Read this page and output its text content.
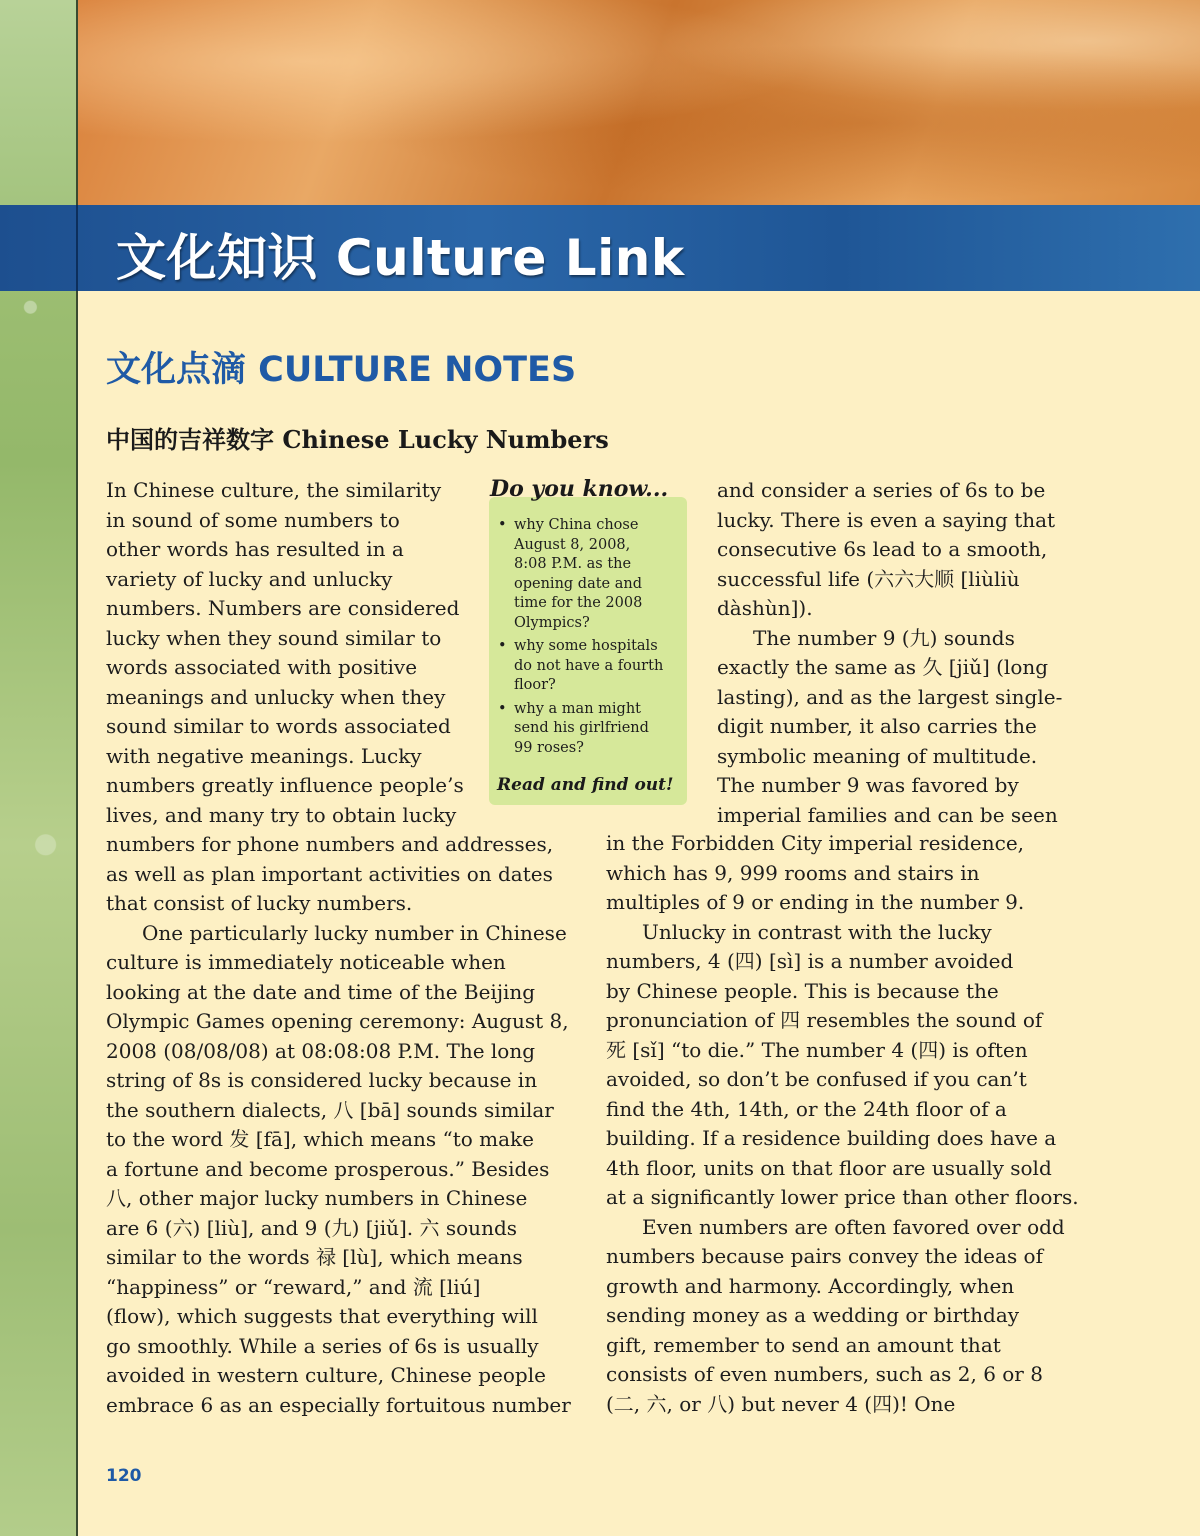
文化知识 Culture Link
文化点滴 CULTURE NOTES
中国的吉祥数字 Chinese Lucky Numbers
In Chinese culture, the similarity
in sound of some numbers to
other words has resulted in a
variety of lucky and unlucky
numbers. Numbers are considered
lucky when they sound similar to
words associated with positive
meanings and unlucky when they
sound similar to words associated
with negative meanings. Lucky
numbers greatly influence people’s
lives, and many try to obtain lucky
numbers for phone numbers and addresses,
as well as plan important activities on dates
that consist of lucky numbers.
One particularly lucky number in Chinese
culture is immediately noticeable when
looking at the date and time of the Beijing
Olympic Games opening ceremony: August 8,
2008 (08/08/08) at 08:08:08 P.M. The long
string of 8s is considered lucky because in
the southern dialects, 八 [bā] sounds similar
to the word 发 [fā], which means “to make
a fortune and become prosperous.” Besides
八, other major lucky numbers in Chinese
are 6 (六) [liù], and 9 (九) [jiǔ]. 六 sounds
similar to the words 禄 [lù], which means
“happiness” or “reward,” and 流 [liú]
(flow), which suggests that everything will
go smoothly. While a series of 6s is usually
avoided in western culture, Chinese people
embrace 6 as an especially fortuitous number
Do you know...
• why China chose
August 8, 2008,
8:08 P.M. as the
opening date and
time for the 2008
Olympics?
• why some hospitals
do not have a fourth
floor?
• why a man might
send his girlfriend
99 roses?

Read and find out!

and consider a series of 6s to be
lucky. There is even a saying that
consecutive 6s lead to a smooth,
successful life (六六大顺 [liùliù
dàshùn]).
The number 9 (九) sounds
exactly the same as 久 [jiǔ] (long
lasting), and as the largest single-
digit number, it also carries the
symbolic meaning of multitude.
The number 9 was favored by
imperial families and can be seen
in the Forbidden City imperial residence,
which has 9, 999 rooms and stairs in
multiples of 9 or ending in the number 9.
Unlucky in contrast with the lucky
numbers, 4 (四) [sì] is a number avoided
by Chinese people. This is because the
pronunciation of 四 resembles the sound of
死 [sǐ] “to die.” The number 4 (四) is often
avoided, so don’t be confused if you can’t
find the 4th, 14th, or the 24th floor of a
building. If a residence building does have a
4th floor, units on that floor are usually sold
at a significantly lower price than other floors.
Even numbers are often favored over odd
numbers because pairs convey the ideas of
growth and harmony. Accordingly, when
sending money as a wedding or birthday
gift, remember to send an amount that
consists of even numbers, such as 2, 6 or 8
(二, 六, or 八) but never 4 (四)! One

120
